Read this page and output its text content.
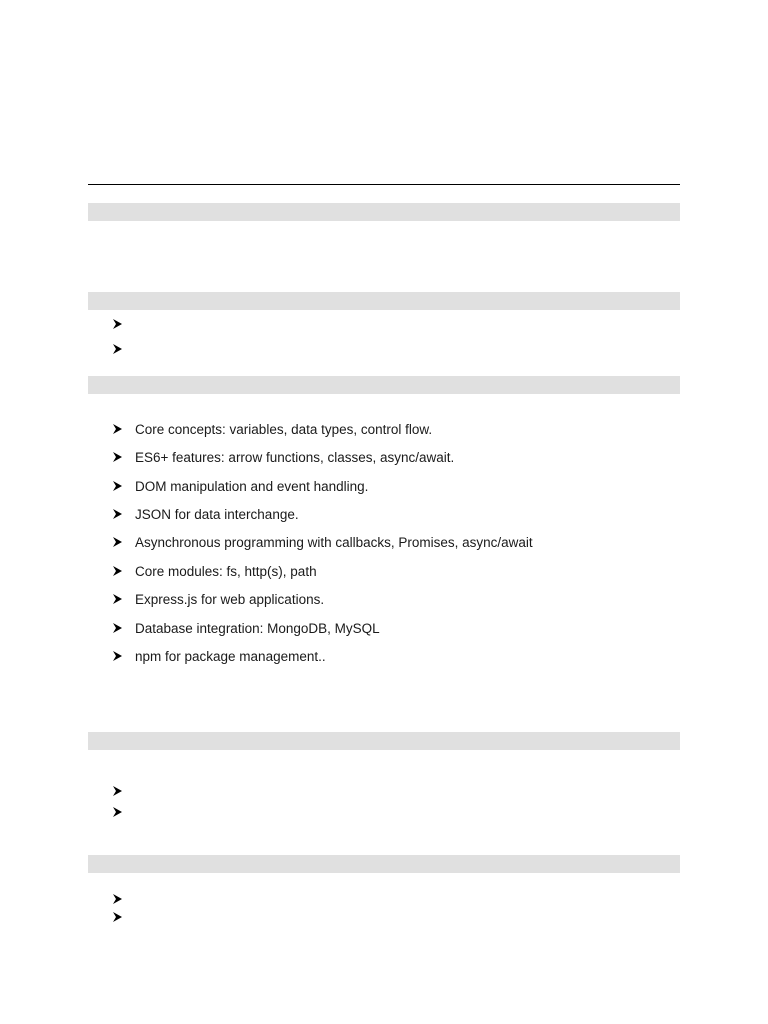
Core concepts: variables, data types, control flow.
ES6+ features: arrow functions, classes, async/await.
DOM manipulation and event handling.
JSON for data interchange.
Asynchronous programming with callbacks, Promises, async/await
Core modules: fs, http(s), path
Express.js for web applications.
Database integration: MongoDB, MySQL
npm for package management..
